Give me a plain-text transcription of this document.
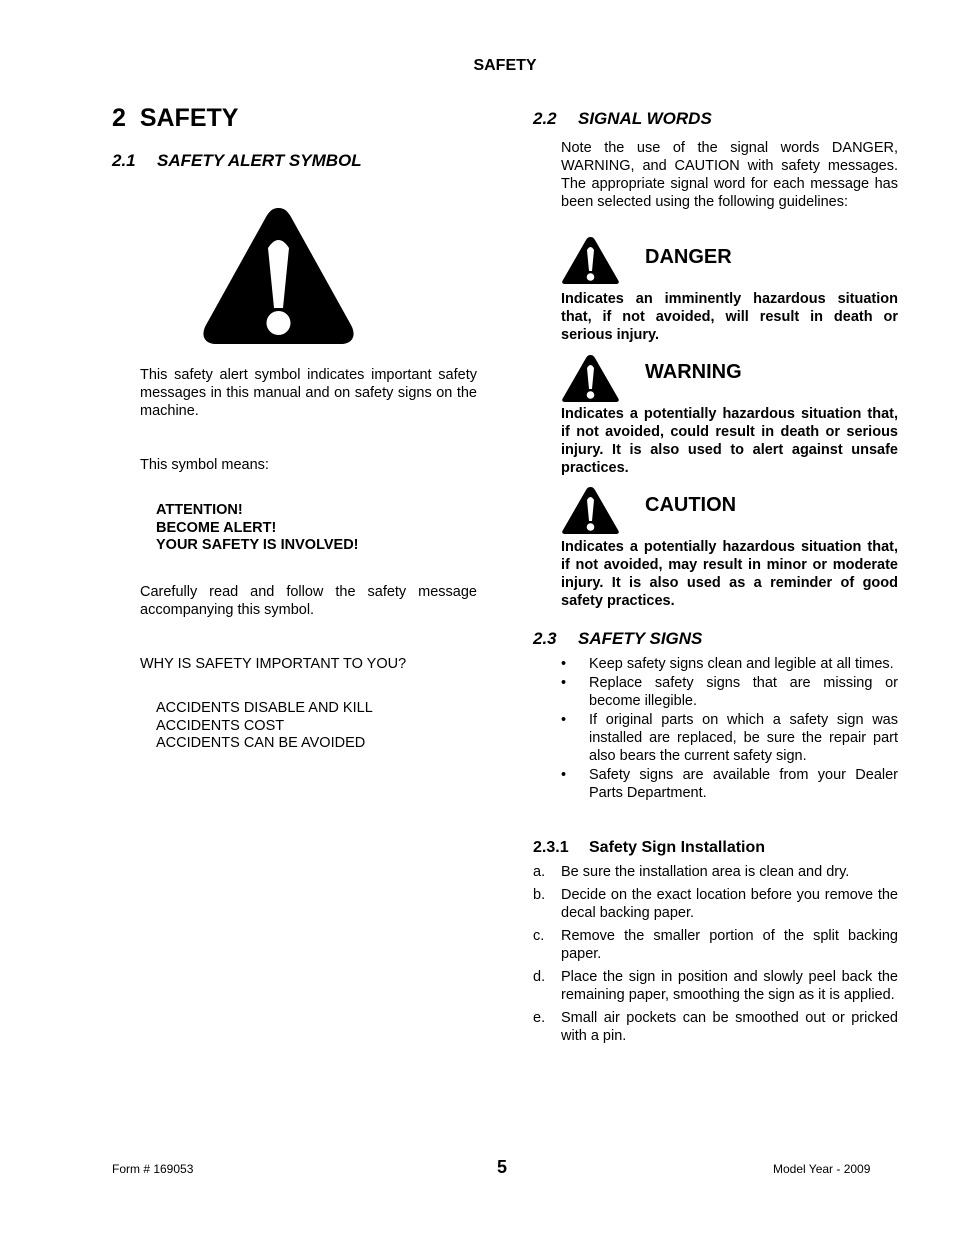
SAFETY
2 SAFETY
2.1 SAFETY ALERT SYMBOL
This safety alert symbol indicates important safety messages in this manual and on safety signs on the machine.
This symbol means:
ATTENTION!
BECOME ALERT!
YOUR SAFETY IS INVOLVED!
Carefully read and follow the safety message accompanying this symbol.
WHY IS SAFETY IMPORTANT TO YOU?
ACCIDENTS DISABLE AND KILL
ACCIDENTS COST
ACCIDENTS CAN BE AVOIDED
2.2 SIGNAL WORDS
Note the use of the signal words DANGER, WARNING, and CAUTION with safety messages. The appropriate signal word for each message has been selected using the following guidelines:
DANGER
Indicates an imminently hazardous situation that, if not avoided, will result in death or serious injury.
WARNING
Indicates a potentially hazardous situation that, if not avoided, could result in death or serious injury. It is also used to alert against unsafe practices.
CAUTION
Indicates a potentially hazardous situation that, if not avoided, may result in minor or moderate injury. It is also used as a reminder of good safety practices.
2.3 SAFETY SIGNS
• Keep safety signs clean and legible at all times.
• Replace safety signs that are missing or become illegible.
• If original parts on which a safety sign was installed are replaced, be sure the repair part also bears the current safety sign.
• Safety signs are available from your Dealer Parts Department.
2.3.1 Safety Sign Installation
a. Be sure the installation area is clean and dry.
b. Decide on the exact location before you remove the decal backing paper.
c. Remove the smaller portion of the split backing paper.
d. Place the sign in position and slowly peel back the remaining paper, smoothing the sign as it is applied.
e. Small air pockets can be smoothed out or pricked with a pin.
Form # 169053	5	Model Year - 2009
